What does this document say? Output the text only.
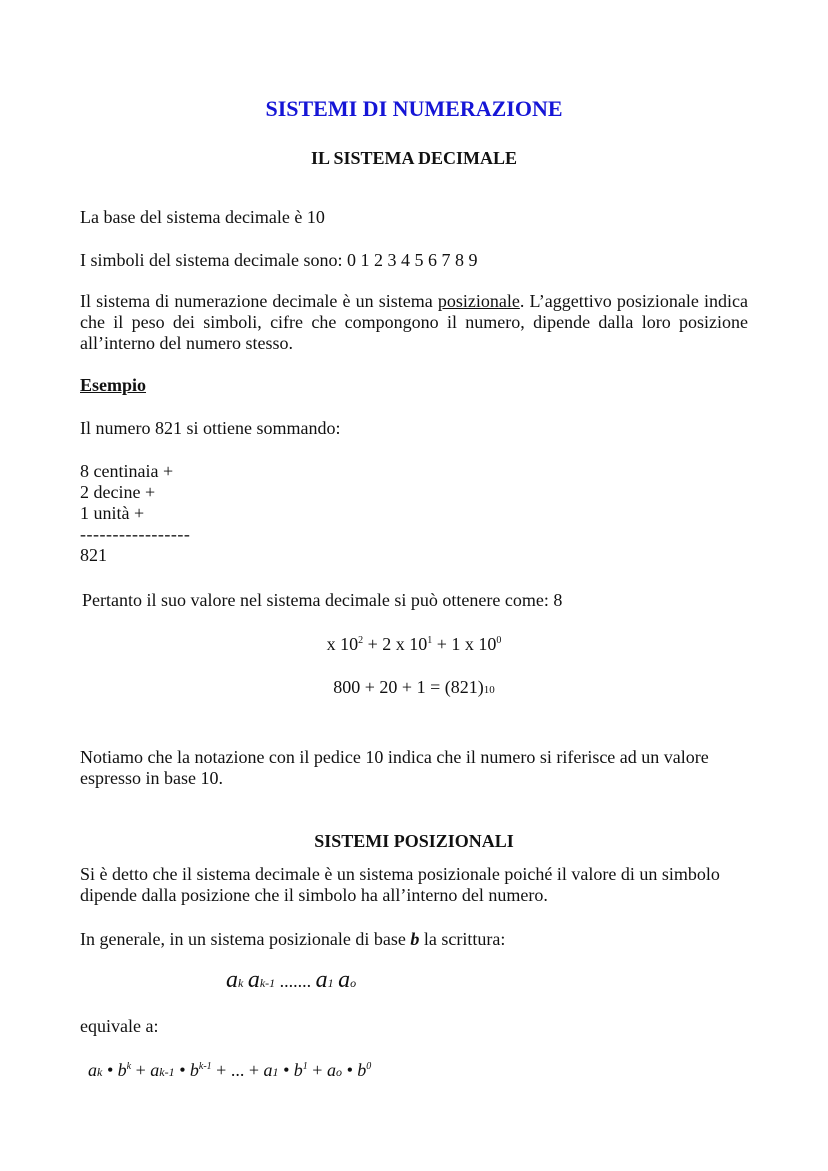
SISTEMI DI NUMERAZIONE
IL SISTEMA DECIMALE
La base del sistema decimale è 10
I simboli del sistema decimale sono: 0 1 2 3 4 5 6 7 8 9
Il sistema di numerazione decimale è un sistema posizionale. L’aggettivo posizionale indica che il peso dei simboli, cifre che compongono il numero, dipende dalla loro posizione all’interno del numero stesso.
Esempio
Il numero 821 si ottiene sommando:
8 centinaia +
2 decine +
1 unità +
-----------------
821
Pertanto il suo valore nel sistema decimale si può ottenere come: 8
x $10^2 + 2$ x $10^1 + 1$ x $10^0$
800 + 20 + 1 = (821)10
Notiamo che la notazione con il pedice 10 indica che il numero si riferisce ad un valore espresso in base 10.
SISTEMI POSIZIONALI
Si è detto che il sistema decimale è un sistema posizionale poiché il valore di un simbolo dipende dalla posizione che il simbolo ha all’interno del numero.
In generale, in un sistema posizionale di base b la scrittura:
ak ak-1 ....... a1 ao
equivale a:
ak • $b^k + ak-1$ • $b^{k-1}$ + ... + a1 • $b^1$ + ao • $b^0$
